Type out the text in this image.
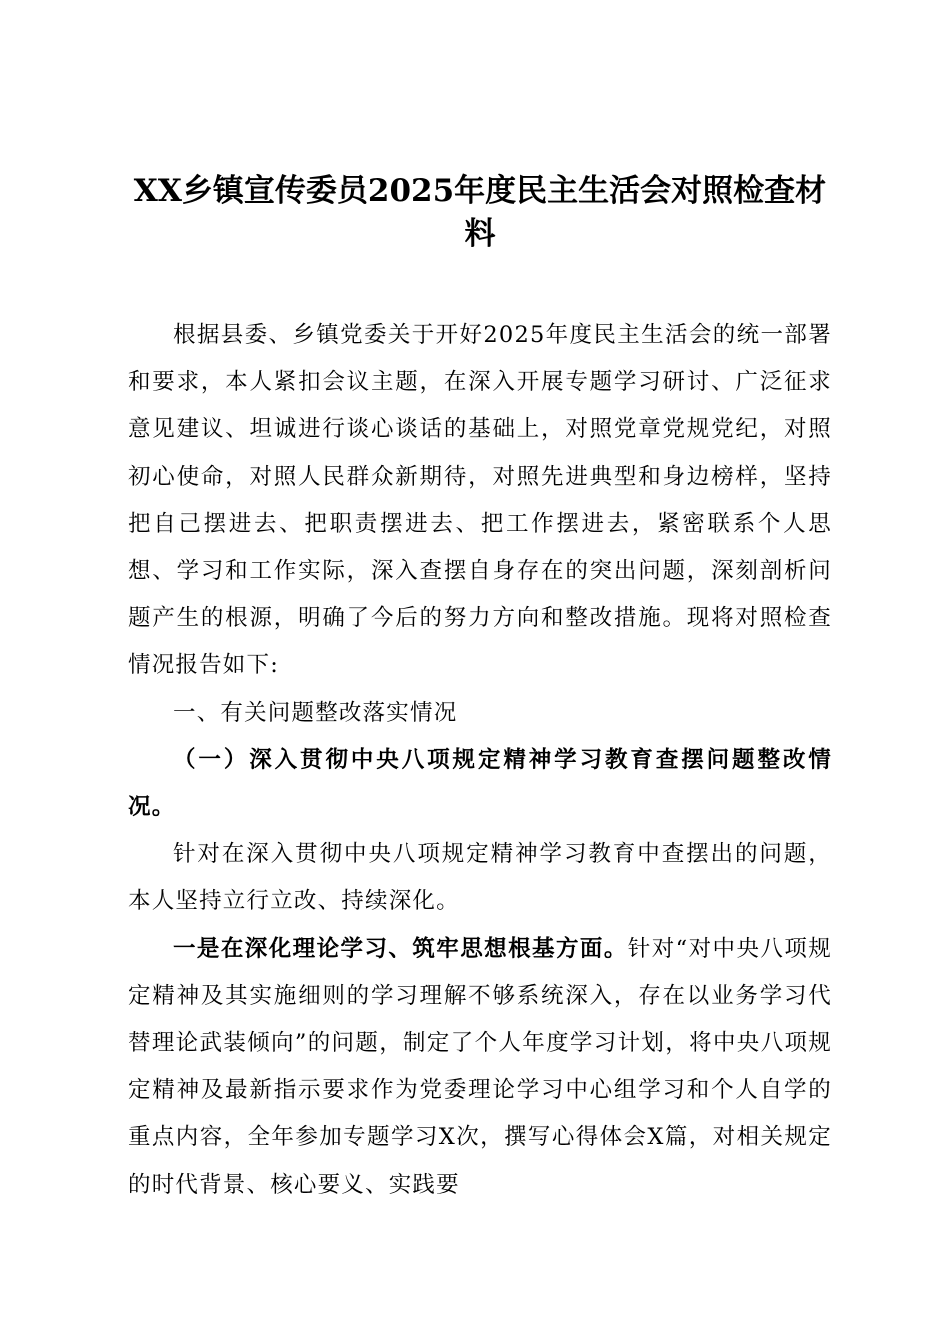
XX乡镇宣传委员2025年度民主生活会对照检查材料

根据县委、乡镇党委关于开好2025年度民主生活会的统一部署和要求，本人紧扣会议主题，在深入开展专题学习研讨、广泛征求意见建议、坦诚进行谈心谈话的基础上，对照党章党规党纪，对照初心使命，对照人民群众新期待，对照先进典型和身边榜样，坚持把自己摆进去、把职责摆进去、把工作摆进去，紧密联系个人思想、学习和工作实际，深入查摆自身存在的突出问题，深刻剖析问题产生的根源，明确了今后的努力方向和整改措施。现将对照检查情况报告如下:

一、有关问题整改落实情况

（一）深入贯彻中央八项规定精神学习教育查摆问题整改情况。

针对在深入贯彻中央八项规定精神学习教育中查摆出的问题，本人坚持立行立改、持续深化。

一是在深化理论学习、筑牢思想根基方面。针对“对中央八项规定精神及其实施细则的学习理解不够系统深入，存在以业务学习代替理论武装倾向”的问题，制定了个人年度学习计划，将中央八项规定精神及最新指示要求作为党委理论学习中心组学习和个人自学的重点内容，全年参加专题学习X次，撰写心得体会X篇，对相关规定的时代背景、核心要义、实践要
